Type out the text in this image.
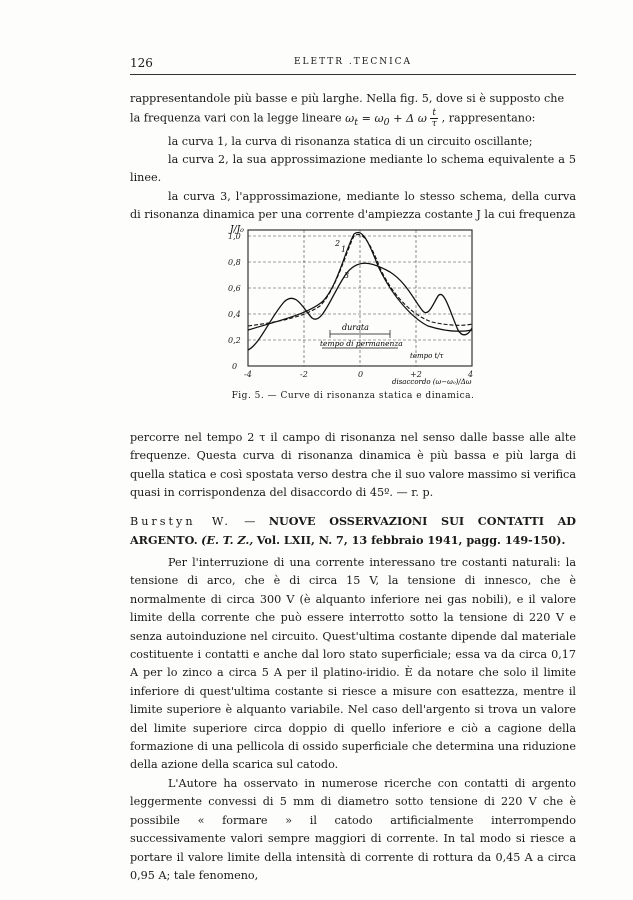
126	ELETTR .TECNICA

rappresentandole più basse e più larghe. Nella fig. 5, dove si è supposto che

la frequenza vari con la legge lineare $\omega_t = \omega_0 + \Delta$ ω $\frac{t}{\tau}$ , rappresentano:

la curva 1, la curva di risonanza statica di un circuito oscillante;

la curva 2, la sua approssimazione mediante lo schema equivalente a 5 linee.

la curva 3, l'approssimazione, mediante lo stesso schema, della curva di risonanza dinamica per una corrente d'ampiezza costante J la cui frequenza

J/J₀
1,0
0,8
0,6
0,4
0,2
0
-4	-2	0	+2	4
2
1
3
durata
tempo di permanenza
tempo t/τ
disaccordo (ω−ω₀)/Δω
Fig. 5. — Curve di risonanza statica e dinamica.

percorre nel tempo 2 τ il campo di risonanza nel senso dalle basse alle alte frequenze. Questa curva di risonanza dinamica è più bassa e più larga di quella statica e così spostata verso destra che il suo valore massimo si verifica quasi in corrispondenza del disaccordo di 45º. — r. p.

Burstyn W. — NUOVE OSSERVAZIONI SUI CONTATTI AD ARGENTO. (E. T. Z., Vol. LXII, N. 7, 13 febbraio 1941, pagg. 149-150).

Per l'interruzione di una corrente interessano tre costanti naturali: la tensione di arco, che è di circa 15 V, la tensione di innesco, che è normalmente di circa 300 V (è alquanto inferiore nei gas nobili), e il valore limite della corrente che può essere interrotto sotto la tensione di 220 V e senza autoinduzione nel circuito. Quest'ultima costante dipende dal materiale costituente i contatti e anche dal loro stato superficiale; essa va da circa 0,17 A per lo zinco a circa 5 A per il platino-iridio. È da notare che solo il limite inferiore di quest'ultima costante si riesce a misure con esattezza, mentre il limite superiore è alquanto variabile. Nel caso dell'argento si trova un valore del limite superiore circa doppio di quello inferiore e ciò a cagione della formazione di una pellicola di ossido superficiale che determina una riduzione della azione della scarica sul catodo.

L'Autore ha osservato in numerose ricerche con contatti di argento leggermente convessi di 5 mm di diametro sotto tensione di 220 V che è possibile « formare » il catodo artificialmente interrompendo successivamente valori sempre maggiori di corrente. In tal modo si riesce a portare il valore limite della intensità di corrente di rottura da 0,45 A a circa 0,95 A; tale fenomeno,
